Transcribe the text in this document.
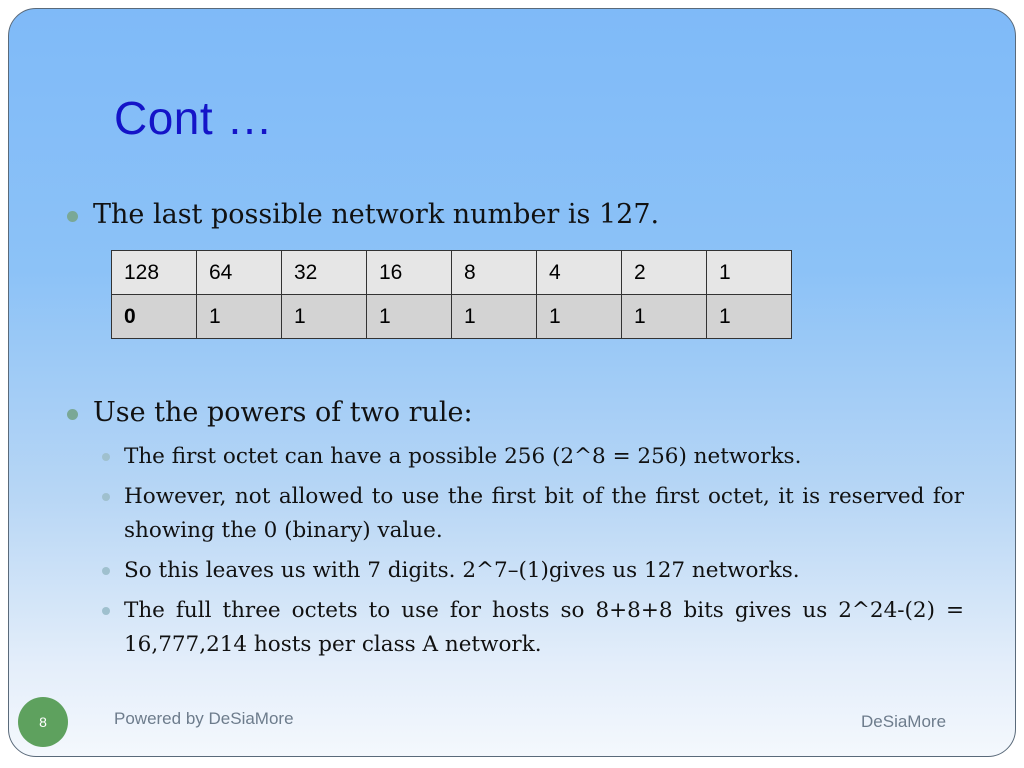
Cont …
The last possible network number is 127.
128	64	32	16	8	4	2	1
0	1	1	1	1	1	1	1
Use the powers of two rule:
The first octet can have a possible 256 (2^8 = 256) networks.
However, not allowed to use the first bit of the first octet, it is reserved for showing the 0 (binary) value.
So this leaves us with 7 digits. 2^7–(1)gives us 127 networks.
The full three octets to use for hosts so 8+8+8 bits gives us 2^24-(2) = 16,777,214 hosts per class A network.
8	Powered by DeSiaMore	DeSiaMore
